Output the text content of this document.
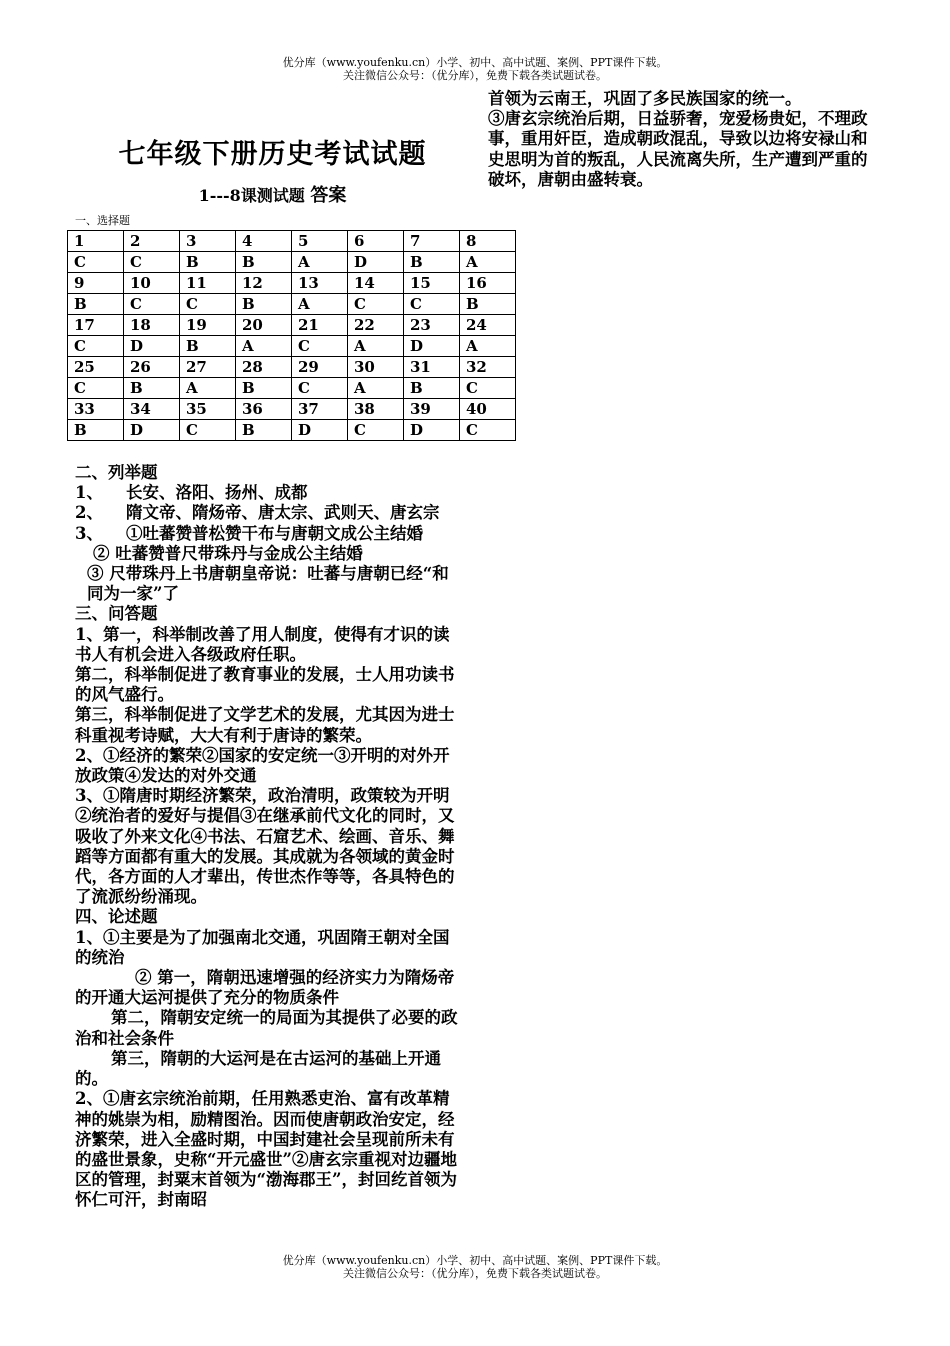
优分库（www.youfenku.cn）小学、初中、高中试题、案例、PPT课件下载。
关注微信公众号：（优分库），免费下载各类试题试卷。
七年级下册历史考试试题
1---8课测试题 答案
一、选择题
1	2	3	4	5	6	7	8
C	C	B	B	A	D	B	A
9	10	11	12	13	14	15	16
B	C	C	B	A	C	C	B
17	18	19	20	21	22	23	24
C	D	B	A	C	A	D	A
25	26	27	28	29	30	31	32
C	B	A	B	C	A	B	C
33	34	35	36	37	38	39	40
B	D	C	B	D	C	D	C
二、列举题
1、    长安、洛阳、扬州、成都
2、    隋文帝、隋炀帝、唐太宗、武则天、唐玄宗
3、    ①吐蕃赞普松赞干布与唐朝文成公主结婚
② 吐蕃赞普尺带珠丹与金成公主结婚
③ 尺带珠丹上书唐朝皇帝说：吐蕃与唐朝已经“和同为一家”了
三、问答题
1、第一，科举制改善了用人制度，使得有才识的读书人有机会进入各级政府任职。
第二，科举制促进了教育事业的发展，士人用功读书的风气盛行。
第三，科举制促进了文学艺术的发展，尤其因为进士科重视考诗赋，大大有利于唐诗的繁荣。
2、①经济的繁荣②国家的安定统一③开明的对外开放政策④发达的对外交通
3、①隋唐时期经济繁荣，政治清明，政策较为开明②统治者的爱好与提倡③在继承前代文化的同时，又吸收了外来文化④书法、石窟艺术、绘画、音乐、舞蹈等方面都有重大的发展。其成就为各领域的黄金时代，各方面的人才辈出，传世杰作等等，各具特色的了流派纷纷涌现。
四、论述题
1、①主要是为了加强南北交通，巩固隋王朝对全国的统治
② 第一，隋朝迅速增强的经济实力为隋炀帝的开通大运河提供了充分的物质条件
第二，隋朝安定统一的局面为其提供了必要的政治和社会条件
第三，隋朝的大运河是在古运河的基础上开通的。
2、①唐玄宗统治前期，任用熟悉吏治、富有改革精神的姚崇为相，励精图治。因而使唐朝政治安定，经济繁荣，进入全盛时期，中国封建社会呈现前所未有的盛世景象，史称“开元盛世”②唐玄宗重视对边疆地区的管理，封粟末首领为“渤海郡王”，封回纥首领为怀仁可汗，封南昭
首领为云南王，巩固了多民族国家的统一。
③唐玄宗统治后期，日益骄奢，宠爱杨贵妃，不理政事，重用奸臣，造成朝政混乱，导致以边将安禄山和史思明为首的叛乱，人民流离失所，生产遭到严重的破坏，唐朝由盛转衰。
优分库（www.youfenku.cn）小学、初中、高中试题、案例、PPT课件下载。
关注微信公众号：（优分库），免费下载各类试题试卷。
